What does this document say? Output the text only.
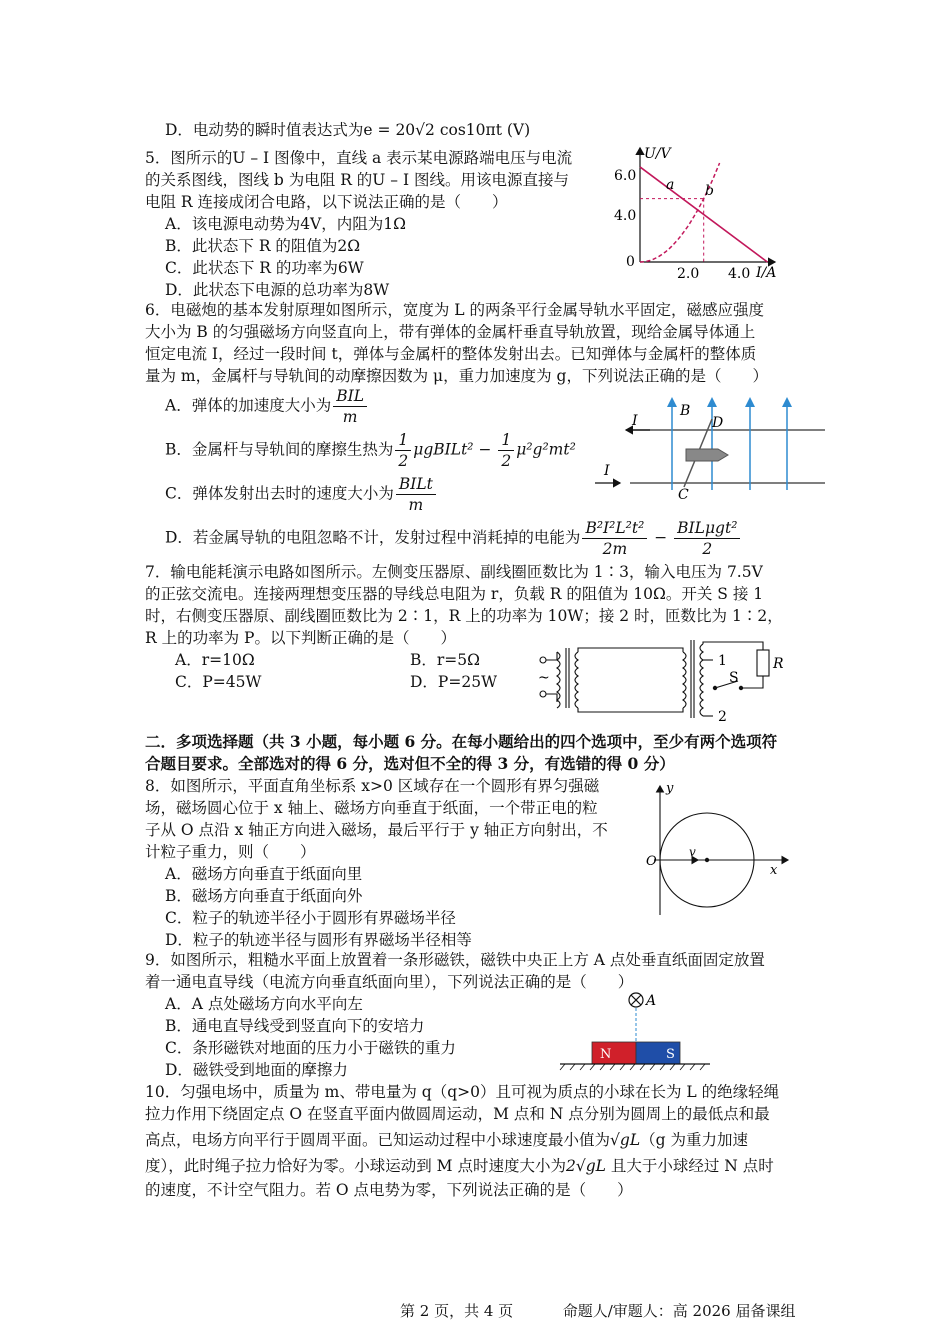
D．电动势的瞬时值表达式为e = 20√2 cos10πt (V)
5．图所示的U – I 图像中，直线 a 表示某电源路端电压与电流
的关系图线，图线 b 为电阻 R 的U – I 图线。用该电源直接与
电阻 R 连接成闭合电路，以下说法正确的是（　　）
A．该电源电动势为4V，内阻为1Ω
B．此状态下 R 的阻值为2Ω
C．此状态下 R 的功率为6W
D．此状态下电源的总功率为8W
U/V
I/A
6.0
4.0
0
2.0 4.0
a b
6．电磁炮的基本发射原理如图所示，宽度为 L 的两条平行金属导轨水平固定，磁感应强度
大小为 B 的匀强磁场方向竖直向上，带有弹体的金属杆垂直导轨放置，现给金属导体通上
恒定电流 I，经过一段时间 t，弹体与金属杆的整体发射出去。已知弹体与金属杆的整体质
量为 m，金属杆与导轨间的动摩擦因数为 μ，重力加速度为 g，下列说法正确的是（　　）
A．弹体的加速度大小为 $\frac{\text{BIL}}{m}$
B．金属杆与导轨间的摩擦生热为 $\frac{1}{2}$ μgBILt² − $\frac{1}{2} \mu^2g^2mt^2$
C．弹体发射出去时的速度大小为 $\frac{\text{BILt}}{m}$
D．若金属导轨的电阻忽略不计，发射过程中消耗掉的电能为 $\frac{\text{B²I²L²t²}}{2m} - \frac{\text{BILμgt²}}{2}$
I
I
B
D
C
7．输电能耗演示电路如图所示。左侧变压器原、副线圈匝数比为 1∶3，输入电压为 7.5V
的正弦交流电。连接两理想变压器的导线总电阻为 r，负载 R 的阻值为 10Ω。开关 S 接 1
时，右侧变压器原、副线圈匝数比为 2∶1，R 上的功率为 10W；接 2 时，匝数比为 1∶2，
R 上的功率为 P。以下判断正确的是（　　）
A．r=10Ω	B．r=5Ω
C．P=45W	D．P=25W	~
1
2
R
S
二．多项选择题（共 3 小题，每小题 6 分。在每小题给出的四个选项中，至少有两个选项符
合题目要求。全部选对的得 6 分，选对但不全的得 3 分，有选错的得 0 分）
8．如图所示，平面直角坐标系 x>0 区域存在一个圆形有界匀强磁
场，磁场圆心位于 x 轴上、磁场方向垂直于纸面，一个带正电的粒
子从 O 点沿 x 轴正方向进入磁场，最后平行于 y 轴正方向射出，不
计粒子重力，则（　　）
A．磁场方向垂直于纸面向里
B．磁场方向垂直于纸面向外
C．粒子的轨迹半径小于圆形有界磁场半径
D．粒子的轨迹半径与圆形有界磁场半径相等
y
x
O
v
9．如图所示，粗糙水平面上放置着一条形磁铁，磁铁中央正上方 A 点处垂直纸面固定放置
着一通电直导线（电流方向垂直纸面向里），下列说法正确的是（　　）
A．A 点处磁场方向水平向左
B．通电直导线受到竖直向下的安培力
C．条形磁铁对地面的压力小于磁铁的重力
D．磁铁受到地面的摩擦力
A
N	S
10．匀强电场中，质量为 m、带电量为 q（q>0）且可视为质点的小球在长为 L 的绝缘轻绳
拉力作用下绕固定点 O 在竖直平面内做圆周运动，M 点和 N 点分别为圆周上的最低点和最
高点，电场方向平行于圆周平面。已知运动过程中小球速度最小值为√gL（g 为重力加速
度），此时绳子拉力恰好为零。小球运动到 M 点时速度大小为2√gL 且大于小球经过 N 点时
的速度，不计空气阻力。若 O 点电势为零，下列说法正确的是（　　）
第 2 页，共 4 页	命题人/审题人：高 2026 届备课组
